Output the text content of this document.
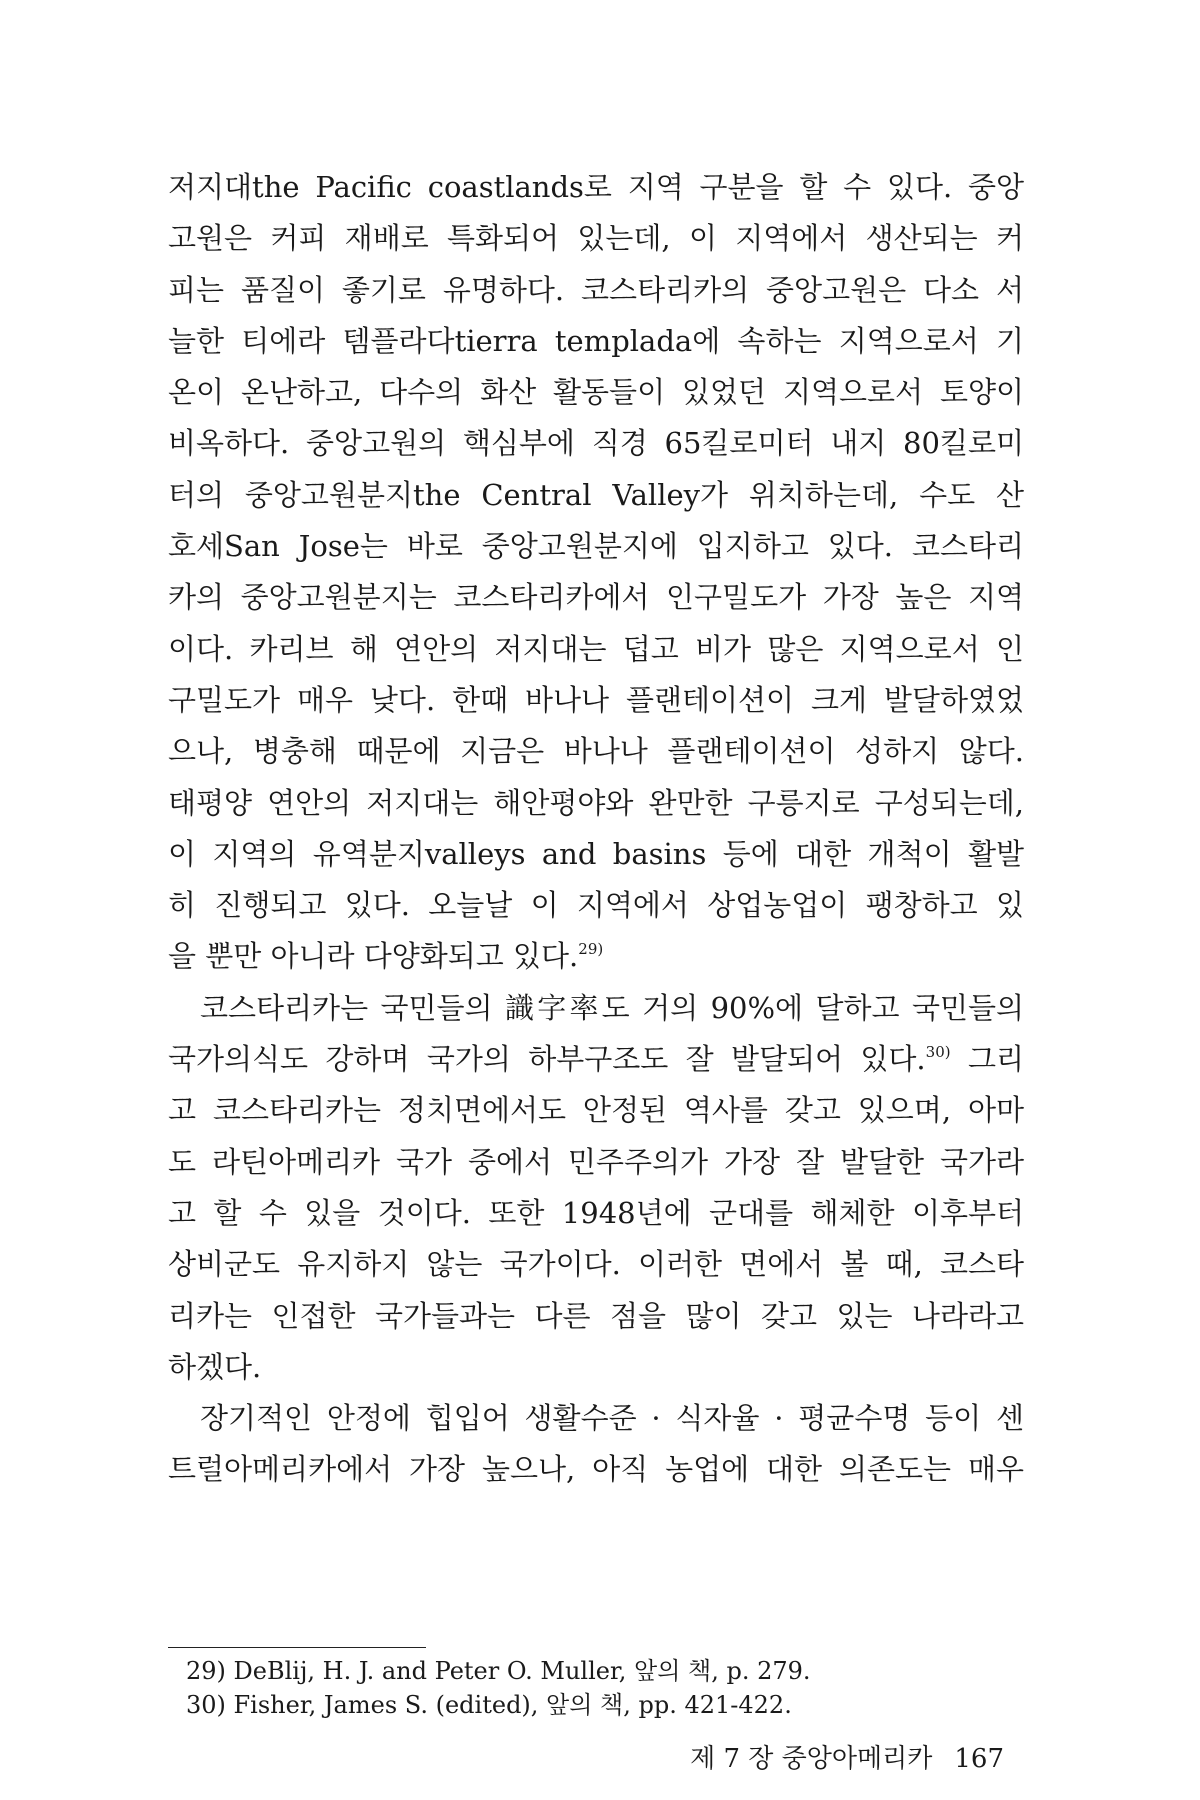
저지대the Pacific coastlands로 지역 구분을 할 수 있다. 중앙
고원은 커피 재배로 특화되어 있는데, 이 지역에서 생산되는 커
피는 품질이 좋기로 유명하다. 코스타리카의 중앙고원은 다소 서
늘한 티에라 템플라다tierra templada에 속하는 지역으로서 기
온이 온난하고, 다수의 화산 활동들이 있었던 지역으로서 토양이
비옥하다. 중앙고원의 핵심부에 직경 65킬로미터 내지 80킬로미
터의 중앙고원분지the Central Valley가 위치하는데, 수도 산
호세San Jose는 바로 중앙고원분지에 입지하고 있다. 코스타리
카의 중앙고원분지는 코스타리카에서 인구밀도가 가장 높은 지역
이다. 카리브 해 연안의 저지대는 덥고 비가 많은 지역으로서 인
구밀도가 매우 낮다. 한때 바나나 플랜테이션이 크게 발달하였었
으나, 병충해 때문에 지금은 바나나 플랜테이션이 성하지 않다.
태평양 연안의 저지대는 해안평야와 완만한 구릉지로 구성되는데,
이 지역의 유역분지valleys and basins 등에 대한 개척이 활발
히 진행되고 있다. 오늘날 이 지역에서 상업농업이 팽창하고 있
을 뿐만 아니라 다양화되고 있다.$^{29)}$
코스타리카는 국민들의 識字率도 거의 90%에 달하고 국민들의
국가의식도 강하며 국가의 하부구조도 잘 발달되어 있다.$^{30)}$ 그리
고 코스타리카는 정치면에서도 안정된 역사를 갖고 있으며, 아마
도 라틴아메리카 국가 중에서 민주주의가 가장 잘 발달한 국가라
고 할 수 있을 것이다. 또한 1948년에 군대를 해체한 이후부터
상비군도 유지하지 않는 국가이다. 이러한 면에서 볼 때, 코스타
리카는 인접한 국가들과는 다른 점을 많이 갖고 있는 나라라고
하겠다.
장기적인 안정에 힙입어 생활수준 · 식자율 · 평균수명 등이 센
트럴아메리카에서 가장 높으나, 아직 농업에 대한 의존도는 매우
29) DeBlij, H. J. and Peter O. Muller, 앞의 책, p. 279.
30) Fisher, James S. (edited), 앞의 책, pp. 421-422.
제 7 장 중앙아메리카 167
